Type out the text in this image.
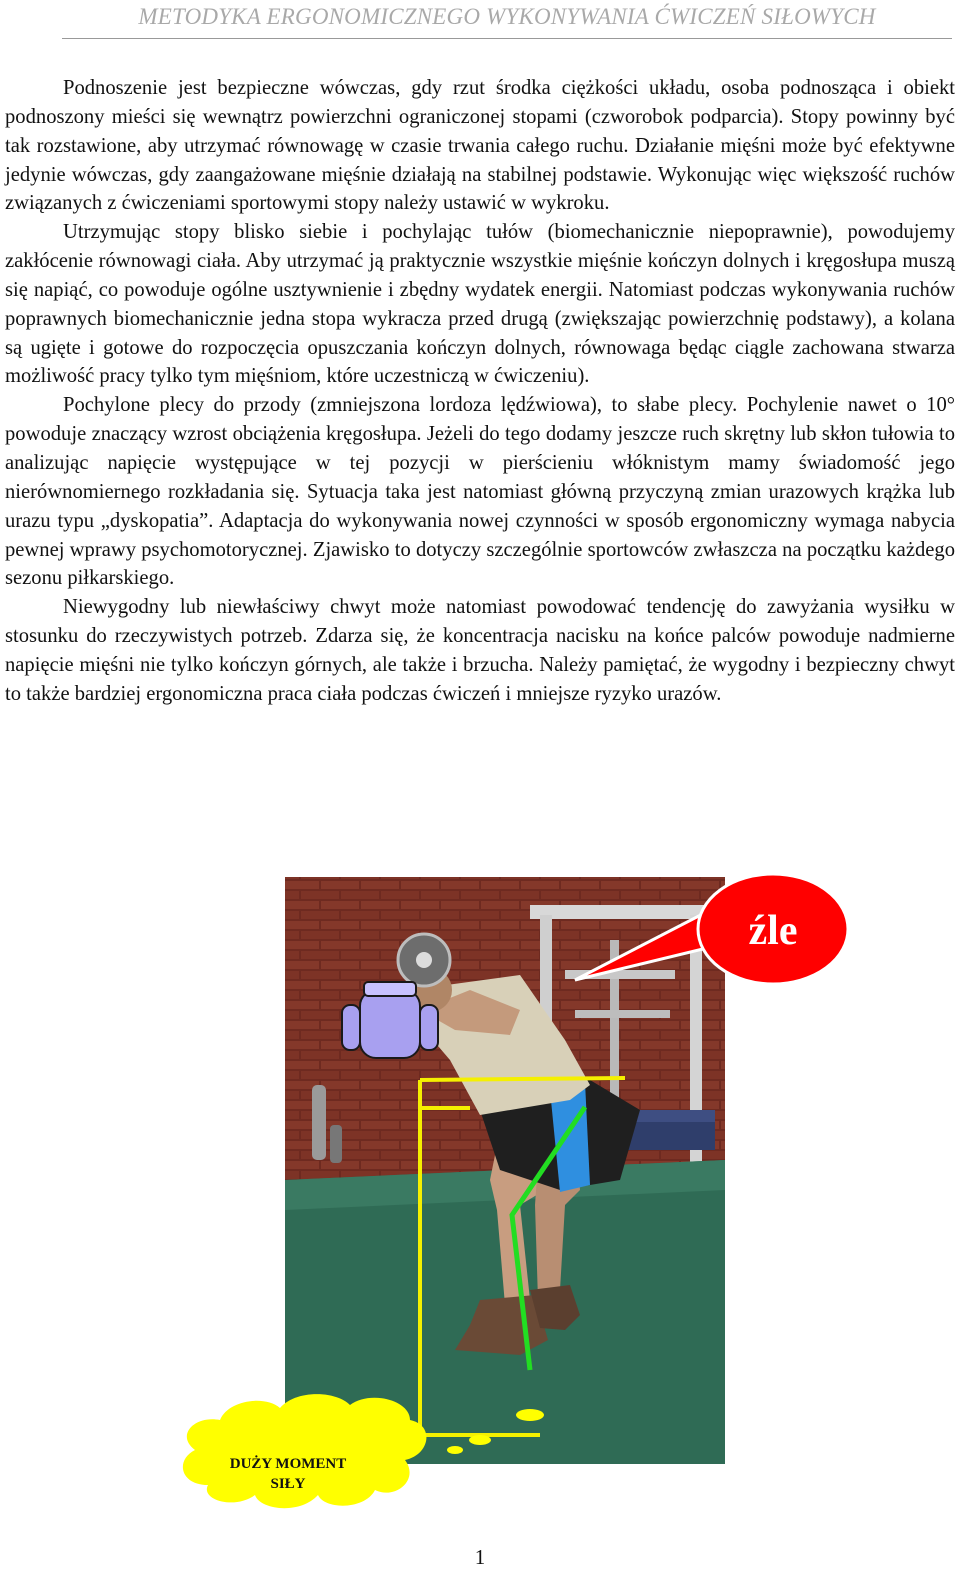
METODYKA ERGONOMICZNEGO WYKONYWANIA ĆWICZEŃ SIŁOWYCH

Podnoszenie jest bezpieczne wówczas, gdy rzut środka ciężkości układu, osoba podnosząca i obiekt podnoszony mieści się wewnątrz powierzchni ograniczonej stopami (czworobok podparcia). Stopy powinny być tak rozstawione, aby utrzymać równowagę w czasie trwania całego ruchu. Działanie mięśni może być efektywne jedynie wówczas, gdy zaangażowane mięśnie działają na stabilnej podstawie. Wykonując więc większość ruchów związanych z ćwiczeniami sportowymi stopy należy ustawić w wykroku.

Utrzymując stopy blisko siebie i pochylając tułów (biomechanicznie niepoprawnie), powodujemy zakłócenie równowagi ciała. Aby utrzymać ją praktycznie wszystkie mięśnie kończyn dolnych i kręgosłupa muszą się napiąć, co powoduje ogólne usztywnienie i zbędny wydatek energii. Natomiast podczas wykonywania ruchów poprawnych biomechanicznie jedna stopa wykracza przed drugą (zwiększając powierzchnię podstawy), a kolana są ugięte i gotowe do rozpoczęcia opuszczania kończyn dolnych, równowaga będąc ciągle zachowana stwarza możliwość pracy tylko tym mięśniom, które uczestniczą w ćwiczeniu).

Pochylone plecy do przody (zmniejszona lordoza lędźwiowa), to słabe plecy. Pochylenie nawet o 10° powoduje znaczący wzrost obciążenia kręgosłupa. Jeżeli do tego dodamy jeszcze ruch skrętny lub skłon tułowia to analizując napięcie występujące w tej pozycji w pierścieniu włóknistym mamy świadomość jego nierównomiernego rozkładania się. Sytuacja taka jest natomiast główną przyczyną zmian urazowych krążka lub urazu typu „dyskopatia”. Adaptacja do wykonywania nowej czynności w sposób ergonomiczny wymaga nabycia pewnej wprawy psychomotorycznej. Zjawisko to dotyczy szczególnie sportowców zwłaszcza na początku każdego sezonu piłkarskiego.

Niewygodny lub niewłaściwy chwyt może natomiast powodować tendencję do zawyżania wysiłku w stosunku do rzeczywistych potrzeb. Zdarza się, że koncentracja nacisku na końce palców powoduje nadmierne napięcie mięśni nie tylko kończyn górnych, ale także i brzucha. Należy pamiętać, że wygodny i bezpieczny chwyt to także bardziej ergonomiczna praca ciała podczas ćwiczeń i mniejsze ryzyko urazów.

źle
DUŻY MOMENT
SIŁY
1
